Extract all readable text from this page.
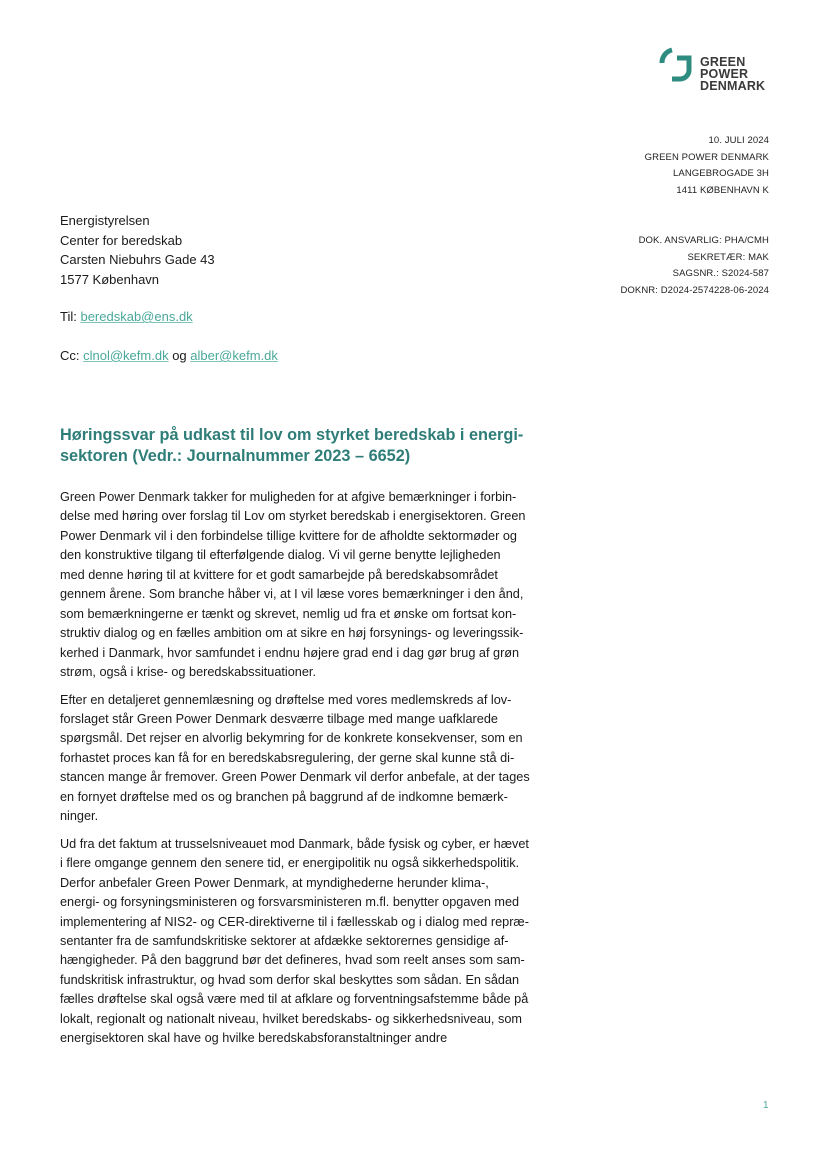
GREEN
POWER
DENMARK
10. JULI 2024
GREEN POWER DENMARK
LANGEBROGADE 3H
1411 KØBENHAVN K
DOK. ANSVARLIG: PHA/CMH
SEKRETÆR: MAK
SAGSNR.: S2024-587
DOKNR: D2024-2574228-06-2024
Energistyrelsen
Center for beredskab
Carsten Niebuhrs Gade 43
1577 København
Til: beredskab@ens.dk
Cc: clnol@kefm.dk og alber@kefm.dk
Høringssvar på udkast til lov om styrket beredskab i energi-
sektoren (Vedr.: Journalnummer 2023 – 6652)
Green Power Denmark takker for muligheden for at afgive bemærkninger i forbin-
delse med høring over forslag til Lov om styrket beredskab i energisektoren. Green
Power Denmark vil i den forbindelse tillige kvittere for de afholdte sektormøder og
den konstruktive tilgang til efterfølgende dialog. Vi vil gerne benytte lejligheden
med denne høring til at kvittere for et godt samarbejde på beredskabsområdet
gennem årene. Som branche håber vi, at I vil læse vores bemærkninger i den ånd,
som bemærkningerne er tænkt og skrevet, nemlig ud fra et ønske om fortsat kon-
struktiv dialog og en fælles ambition om at sikre en høj forsynings- og leveringssik-
kerhed i Danmark, hvor samfundet i endnu højere grad end i dag gør brug af grøn
strøm, også i krise- og beredskabssituationer.
Efter en detaljeret gennemlæsning og drøftelse med vores medlemskreds af lov-
forslaget står Green Power Denmark desværre tilbage med mange uafklarede
spørgsmål. Det rejser en alvorlig bekymring for de konkrete konsekvenser, som en
forhastet proces kan få for en beredskabsregulering, der gerne skal kunne stå di-
stancen mange år fremover. Green Power Denmark vil derfor anbefale, at der tages
en fornyet drøftelse med os og branchen på baggrund af de indkomne bemærk-
ninger.
Ud fra det faktum at trusselsniveauet mod Danmark, både fysisk og cyber, er hævet
i flere omgange gennem den senere tid, er energipolitik nu også sikkerhedspolitik.
Derfor anbefaler Green Power Denmark, at myndighederne herunder klima-,
energi- og forsyningsministeren og forsvarsministeren m.fl. benytter opgaven med
implementering af NIS2- og CER-direktiverne til i fællesskab og i dialog med repræ-
sentanter fra de samfundskritiske sektorer at afdække sektorernes gensidige af-
hængigheder. På den baggrund bør det defineres, hvad som reelt anses som sam-
fundskritisk infrastruktur, og hvad som derfor skal beskyttes som sådan. En sådan
fælles drøftelse skal også være med til at afklare og forventningsafstemme både på
lokalt, regionalt og nationalt niveau, hvilket beredskabs- og sikkerhedsniveau, som
energisektoren skal have og hvilke beredskabsforanstaltninger andre
1
